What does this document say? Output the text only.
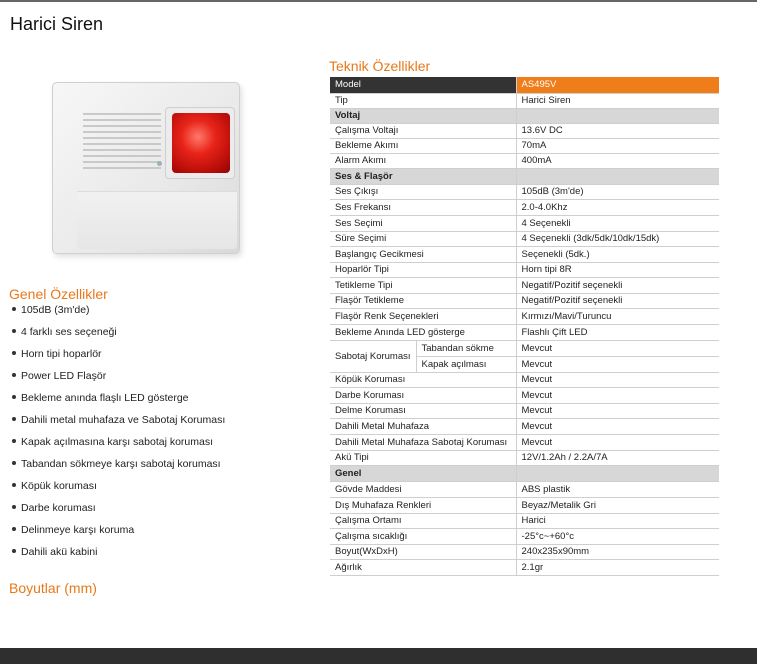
Harici Siren
Genel Özellikler
105dB (3m'de)
4 farklı ses seçeneği
Horn tipi hoparlör
Power LED Flaşör
Bekleme anında flaşlı LED gösterge
Dahili metal muhafaza ve Sabotaj Koruması
Kapak açılmasına karşı sabotaj koruması
Tabandan sökmeye karşı sabotaj koruması
Köpük koruması
Darbe koruması
Delinmeye karşı koruma
Dahili akü kabini
Boyutlar (mm)
Teknik Özellikler
Model		AS495V
Tip		Harici Siren
Voltaj		
Çalışma Voltajı		13.6V DC
Bekleme Akımı		70mA
Alarm Akımı		400mA
Ses & Flaşör		
Ses Çıkışı		105dB (3m'de)
Ses Frekansı		2.0-4.0Khz
Ses Seçimi		4 Seçenekli
Süre Seçimi		4 Seçenekli (3dk/5dk/10dk/15dk)
Başlangıç Gecikmesi		Seçenekli (5dk.)
Hoparlör Tipi		Horn tipi 8R
Tetikleme Tipi		Negatif/Pozitif seçenekli
Flaşör Tetikleme		Negatif/Pozitif seçenekli
Flaşör Renk Seçenekleri		Kırmızı/Mavi/Turuncu
Bekleme Anında LED gösterge		Flashlı Çift LED
Sabotaj Koruması	Tabandan sökme	Mevcut
	Kapak açılması	Mevcut
Köpük Koruması		Mevcut
Darbe Koruması		Mevcut
Delme Koruması		Mevcut
Dahili Metal Muhafaza		Mevcut
Dahili Metal Muhafaza Sabotaj Koruması		Mevcut
Akü Tipi		12V/1.2Ah / 2.2A/7A
Genel		
Gövde Maddesi		ABS plastik
Dış Muhafaza Renkleri		Beyaz/Metalik Gri
Çalışma Ortamı		Harici
Çalışma sıcaklığı		-25°c~+60°c
Boyut(WxDxH)		240x235x90mm
Ağırlık		2.1gr
